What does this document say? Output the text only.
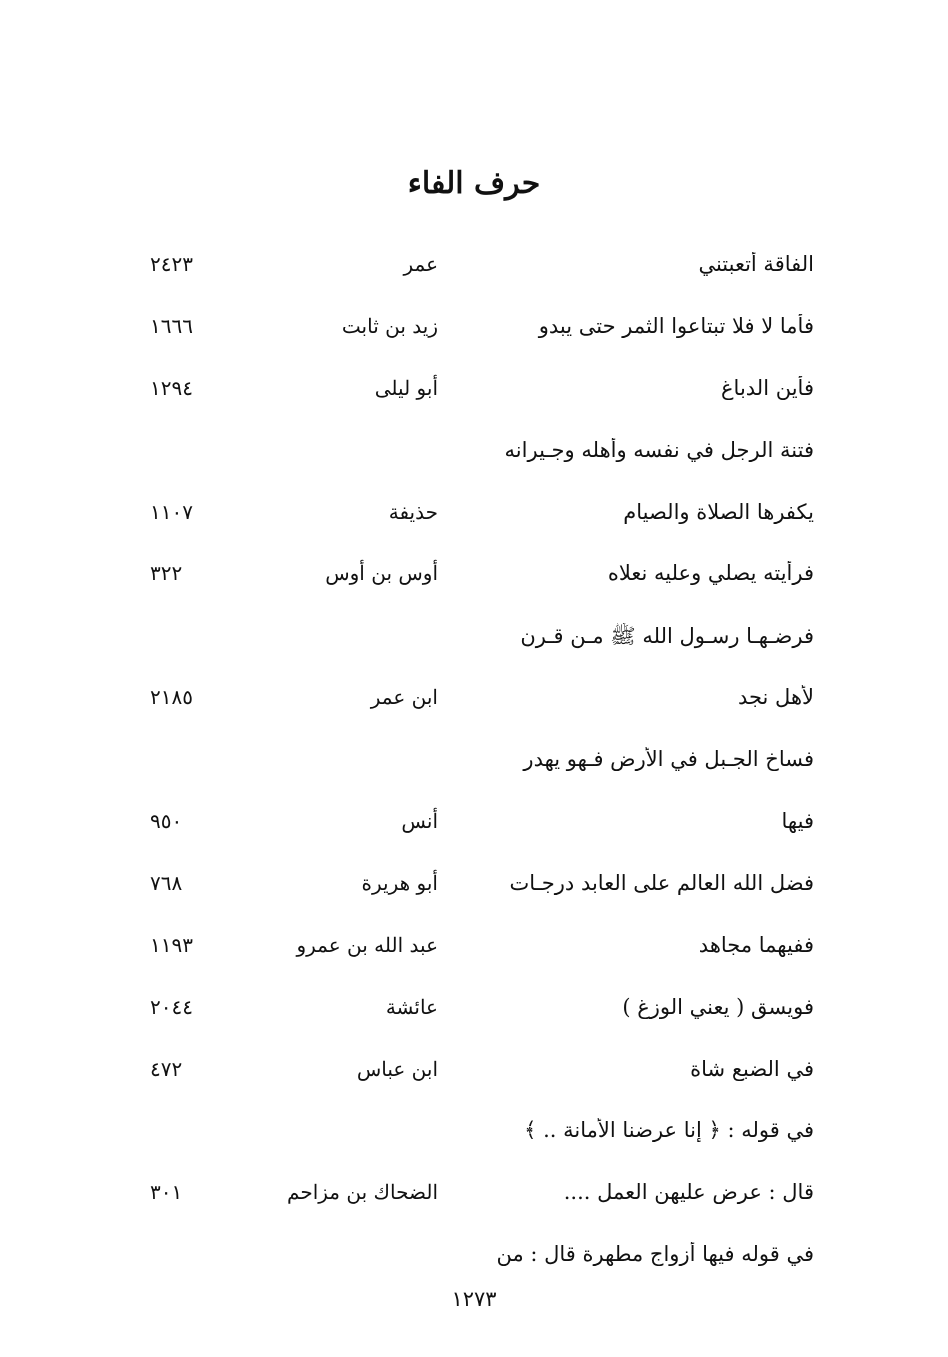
حرف الفاء
الفاقة أتعبتني
عمر
٢٤٢٣
فأما لا فلا تبتاعوا الثمر حتى يبدو
زيد بن ثابت
١٦٦٦
فأين الدباغ
أبو ليلى
١٢٩٤
فتنة الرجل في نفسه وأهله وجـيرانه
يكفرها الصلاة والصيام
حذيفة
١١٠٧
فرأيته يصلي وعليه نعلاه
أوس بن أوس
٣٢٢
فرضـهـا رسـول الله ﷺ مـن قـرن
لأهل نجد
ابن عمر
٢١٨٥
فساخ الجـبل في الأرض فـهو يهدر
فيها
أنس
٩٥٠
فضل الله العالم على العابد درجـات
أبو هريرة
٧٦٨
ففيهما مجاهد
عبد الله بن عمرو
١١٩٣
فويسق ( يعني الوزغ )
عائشة
٢٠٤٤
في الضبع شاة
ابن عباس
٤٧٢
في قوله : ﴿ إنا عرضنا الأمانة .. ﴾
قال : عرض عليهن العمل ....
الضحاك بن مزاحم
٣٠١
في قوله فيها أزواج مطهرة قال : من
١٢٧٣
